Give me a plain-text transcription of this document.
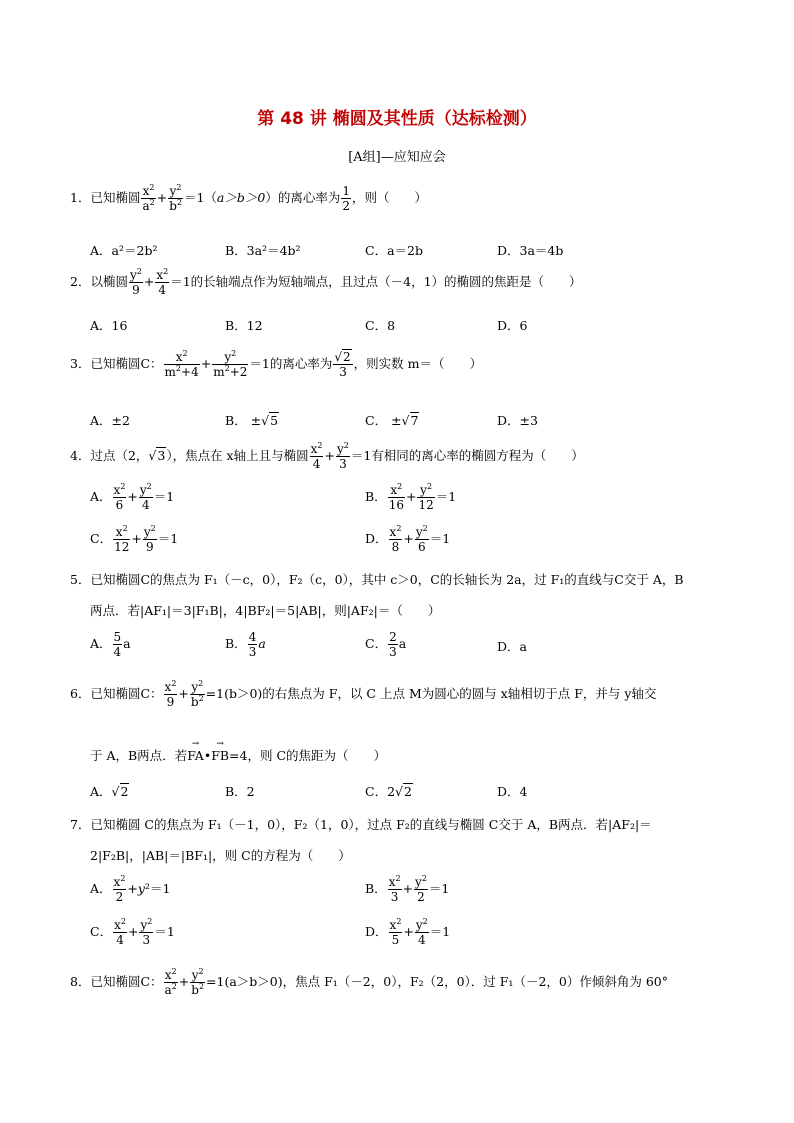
第 48 讲 椭圆及其性质（达标检测）
[A组]—应知应会
1．已知椭圆 $\frac{x^2}{a^2} + \frac{y^2}{b^2} =1(a>b>0)$的离心率为 $\frac{1}{2}$ ，则（　　）
A．a²＝2b²	B．3a²＝4b²	C．a＝2b	D．3a＝4b
2．以椭圆 $\frac{y^2}{9} + \frac{x^2}{4} =1$的长轴端点作为短轴端点，且过点（－4，1）的椭圆的焦距是（　　）
A．16	B．12	C．8	D．6
3．已知椭圆C： $\frac{x^2}{m^2+4} + \frac{y^2}{m^2+2} =1$的离心率为 $\frac{√2}{3}$ ，则实数 m＝（　　）
A．±2	B． ±√5	C． ±√7	D．±3
4．过点（2，√3），焦点在 x轴上且与椭圆 $\frac{x^2}{4} + \frac{y^2}{3} =1$有相同的离心率的椭圆方程为（　　）
A． $\frac{x^2}{6} + \frac{y^2}{4} =1$	B． $\frac{x^2}{16} + \frac{y^2}{12} =1$
C． $\frac{x^2}{12} + \frac{y^2}{9} =1$	D． $\frac{x^2}{8} + \frac{y^2}{6} =1$
5．已知椭圆C的焦点为 F₁（－c，0），F₂（c，0），其中 c＞0，C的长轴长为 2a，过 F₁的直线与C交于 A，B
两点．若|AF₁|＝3|F₁B|，4|BF₂|＝5|AB|，则|AF₂|＝（　　）
A． $\frac{5}{4}$ a	B． $\frac{4}{3}$ a	C． $\frac{2}{3}$ a	D．a
6．已知椭圆C： $\frac{x^2}{9} + \frac{y^2}{b^2} =1(b>0)$的右焦点为 F，以 C 上点 M为圆心的圆与 x轴相切于点 F，并与 y轴交
于 A，B两点．若→ FA•→ FB=4，则 C的焦距为（　　）
A．√2	B．2	C．2√2	D．4
7．已知椭圆 C的焦点为 F₁（－1，0），F₂（1，0），过点 F₂的直线与椭圆 C交于 A，B两点．若|AF₂|＝
2|F₂B|，|AB|＝|BF₁|，则 C的方程为（　　）
A． $\frac{x^2}{2} +y^2=1$	B． $\frac{x^2}{3} + \frac{y^2}{2} =1$
C． $\frac{x^2}{4} + \frac{y^2}{3} =1$	D． $\frac{x^2}{5} + \frac{y^2}{4} =1$
8．已知椭圆C： $\frac{x^2}{a^2} + \frac{y^2}{b^2} =1(a>b>0)$，焦点 F₁（－2，0），F₂（2，0）．过 F₁（－2，0）作倾斜角为 60°
